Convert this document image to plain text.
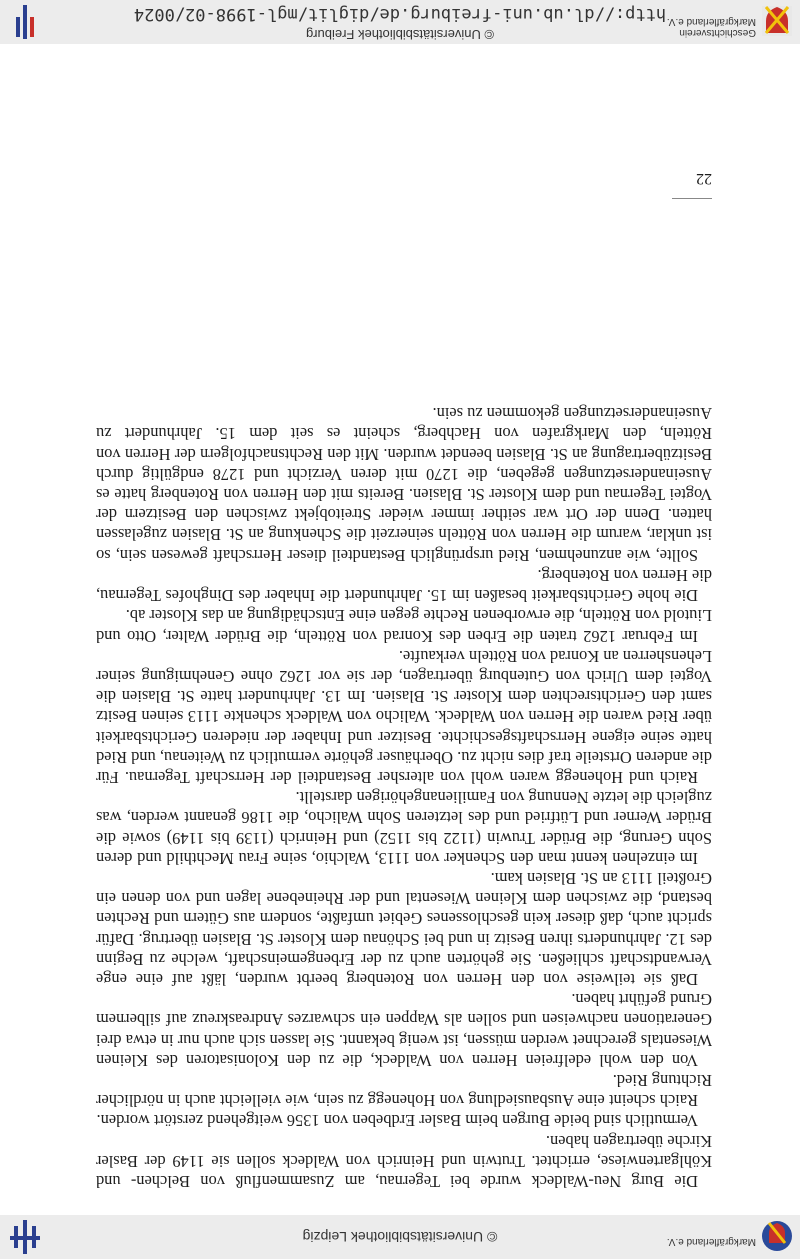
Markgräflerland e.V.
© Universitätsbibliothek Leipzig

Die Burg Neu-Waldeck wurde bei Tegernau, am Zusammenfluß von Belchen- und Köhlgartenwiese, errichtet. Trutwin und Heinrich von Waldeck sollen sie 1149 der Basler Kirche übertragen haben.

Vermutlich sind beide Burgen beim Basler Erdbeben von 1356 weitgehend zerstört worden.

Raich scheint eine Ausbausiedlung von Hohenegg zu sein, wie vielleicht auch in nördlicher Richtung Ried.

Von den wohl edelfreien Herren von Waldeck, die zu den Kolonisatoren des Kleinen Wiesentals gerechnet werden müssen, ist wenig bekannt. Sie lassen sich auch nur in etwa drei Generationen nachweisen und sollen als Wappen ein schwarzes Andreaskreuz auf silbernem Grund geführt haben.

Daß sie teilweise von den Herren von Rotenberg beerbt wurden, läßt auf eine enge Verwandtschaft schließen. Sie gehörten auch zu der Erbengemeinschaft, welche zu Beginn des 12. Jahrhunderts ihren Besitz in und bei Schönau dem Kloster St. Blasien übertrug. Dafür spricht auch, daß dieser kein geschlossenes Gebiet umfaßte, sondern aus Gütern und Rechten bestand, die zwischen dem Kleinen Wiesental und der Rheinebene lagen und von denen ein Großteil 1113 an St. Blasien kam.

Im einzelnen kennt man den Schenker von 1113, Walchio, seine Frau Mechthild und deren Sohn Gerung, die Brüder Truwin (1122 bis 1152) und Heinrich (1139 bis 1149) sowie die Brüder Werner und Lütfried und des letzteren Sohn Walicho, die 1186 genannt werden, was zugleich die letzte Nennung von Familienangehörigen darstellt.

Raich und Hohenegg waren wohl von altersher Bestandteil der Herrschaft Tegernau. Für die anderen Ortsteile traf dies nicht zu. Oberhäuser gehörte vermutlich zu Weitenau, und Ried hatte seine eigene Herrschaftsgeschichte. Besitzer und Inhaber der niederen Gerichtsbarkeit über Ried waren die Herren von Waldeck. Walicho von Waldeck schenkte 1113 seinen Besitz samt den Gerichtsrechten dem Kloster St. Blasien. Im 13. Jahrhundert hatte St. Blasien die Vogtei dem Ulrich von Gutenburg übertragen, der sie vor 1262 ohne Genehmigung seiner Lehensherren an Konrad von Rötteln verkaufte.

Im Februar 1262 traten die Erben des Konrad von Rötteln, die Brüder Walter, Otto und Liutold von Rötteln, die erworbenen Rechte gegen eine Entschädigung an das Kloster ab.

Die hohe Gerichtsbarkeit besaßen im 15. Jahrhundert die Inhaber des Dinghofes Tegernau, die Herren von Rotenberg.

Sollte, wie anzunehmen, Ried ursprünglich Bestandteil dieser Herrschaft gewesen sein, so ist unklar, warum die Herren von Rötteln seinerzeit die Schenkung an St. Blasien zugelassen hatten. Denn der Ort war seither immer wieder Streitobjekt zwischen den Besitzern der Vogtei Tegernau und dem Kloster St. Blasien. Bereits mit den Herren von Rotenberg hatte es Auseinandersetzungen gegeben, die 1270 mit deren Verzicht und 1278 endgültig durch Besitzübertragung an St. Blasien beendet wurden. Mit den Rechtsnachfolgern der Herren von Rötteln, den Markgrafen von Hachberg, scheint es seit dem 15. Jahrhundert zu Auseinandersetzungen gekommen zu sein.

22
Geschichtsverein
Markgräflerland e.V.
© Universitätsbibliothek Freiburg
http://dl.ub.uni-freiburg.de/diglit/mgl-1998-02/0024
